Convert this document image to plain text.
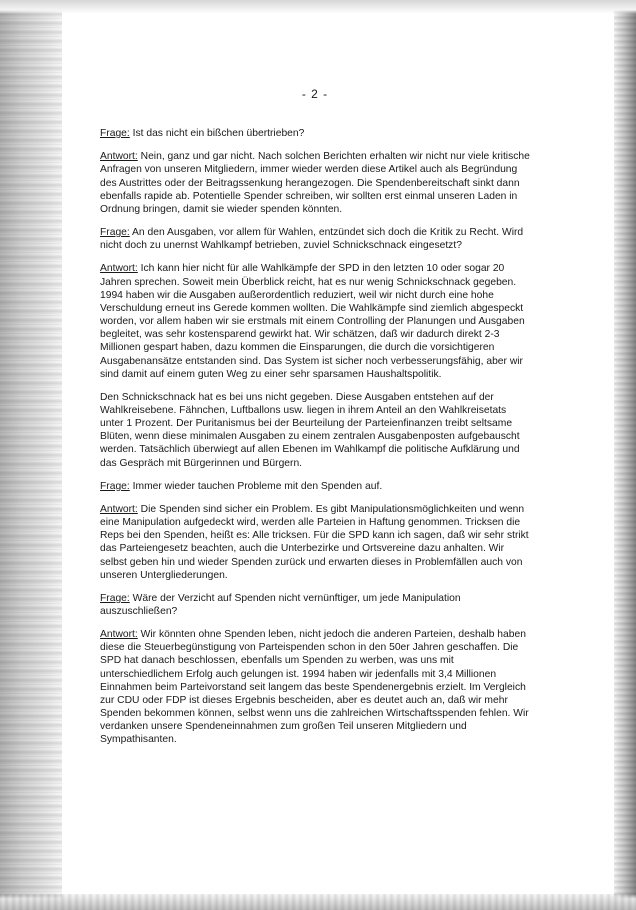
- 2 -

Frage: Ist das nicht ein bißchen übertrieben?

Antwort: Nein, ganz und gar nicht. Nach solchen Berichten erhalten wir nicht nur viele kritische Anfragen von unseren Mitgliedern, immer wieder werden diese Artikel auch als Begründung des Austrittes oder der Beitragssenkung herangezogen. Die Spendenbereitschaft sinkt dann ebenfalls rapide ab. Potentielle Spender schreiben, wir sollten erst einmal unseren Laden in Ordnung bringen, damit sie wieder spenden könnten.

Frage: An den Ausgaben, vor allem für Wahlen, entzündet sich doch die Kritik zu Recht. Wird nicht doch zu unernst Wahlkampf betrieben, zuviel Schnickschnack eingesetzt?

Antwort: Ich kann hier nicht für alle Wahlkämpfe der SPD in den letzten 10 oder sogar 20 Jahren sprechen. Soweit mein Überblick reicht, hat es nur wenig Schnickschnack gegeben. 1994 haben wir die Ausgaben außerordentlich reduziert, weil wir nicht durch eine hohe Verschuldung erneut ins Gerede kommen wollten. Die Wahlkämpfe sind ziemlich abgespeckt worden, vor allem haben wir sie erstmals mit einem Controlling der Planungen und Ausgaben begleitet, was sehr kostensparend gewirkt hat. Wir schätzen, daß wir dadurch direkt 2-3 Millionen gespart haben, dazu kommen die Einsparungen, die durch die vorsichtigeren Ausgabenansätze entstanden sind. Das System ist sicher noch verbesserungsfähig, aber wir sind damit auf einem guten Weg zu einer sehr sparsamen Haushaltspolitik.

Den Schnickschnack hat es bei uns nicht gegeben. Diese Ausgaben entstehen auf der Wahlkreisebene. Fähnchen, Luftballons usw. liegen in ihrem Anteil an den Wahlkreisetats unter 1 Prozent. Der Puritanismus bei der Beurteilung der Parteienfinanzen treibt seltsame Blüten, wenn diese minimalen Ausgaben zu einem zentralen Ausgabenposten aufgebauscht werden. Tatsächlich überwiegt auf allen Ebenen im Wahlkampf die politische Aufklärung und das Gespräch mit Bürgerinnen und Bürgern.

Frage: Immer wieder tauchen Probleme mit den Spenden auf.

Antwort: Die Spenden sind sicher ein Problem. Es gibt Manipulationsmöglichkeiten und wenn eine Manipulation aufgedeckt wird, werden alle Parteien in Haftung genommen. Tricksen die Reps bei den Spenden, heißt es: Alle tricksen. Für die SPD kann ich sagen, daß wir sehr strikt das Parteiengesetz beachten, auch die Unterbezirke und Ortsvereine dazu anhalten. Wir selbst geben hin und wieder Spenden zurück und erwarten dieses in Problemfällen auch von unseren Untergliederungen.

Frage: Wäre der Verzicht auf Spenden nicht vernünftiger, um jede Manipulation auszuschließen?

Antwort: Wir könnten ohne Spenden leben, nicht jedoch die anderen Parteien, deshalb haben diese die Steuerbegünstigung von Parteispenden schon in den 50er Jahren geschaffen. Die SPD hat danach beschlossen, ebenfalls um Spenden zu werben, was uns mit unterschiedlichem Erfolg auch gelungen ist. 1994 haben wir jedenfalls mit 3,4 Millionen Einnahmen beim Parteivorstand seit langem das beste Spendenergebnis erzielt. Im Vergleich zur CDU oder FDP ist dieses Ergebnis bescheiden, aber es deutet auch an, daß wir mehr Spenden bekommen können, selbst wenn uns die zahlreichen Wirtschaftsspenden fehlen. Wir verdanken unsere Spendeneinnahmen zum großen Teil unseren Mitgliedern und Sympathisanten.
